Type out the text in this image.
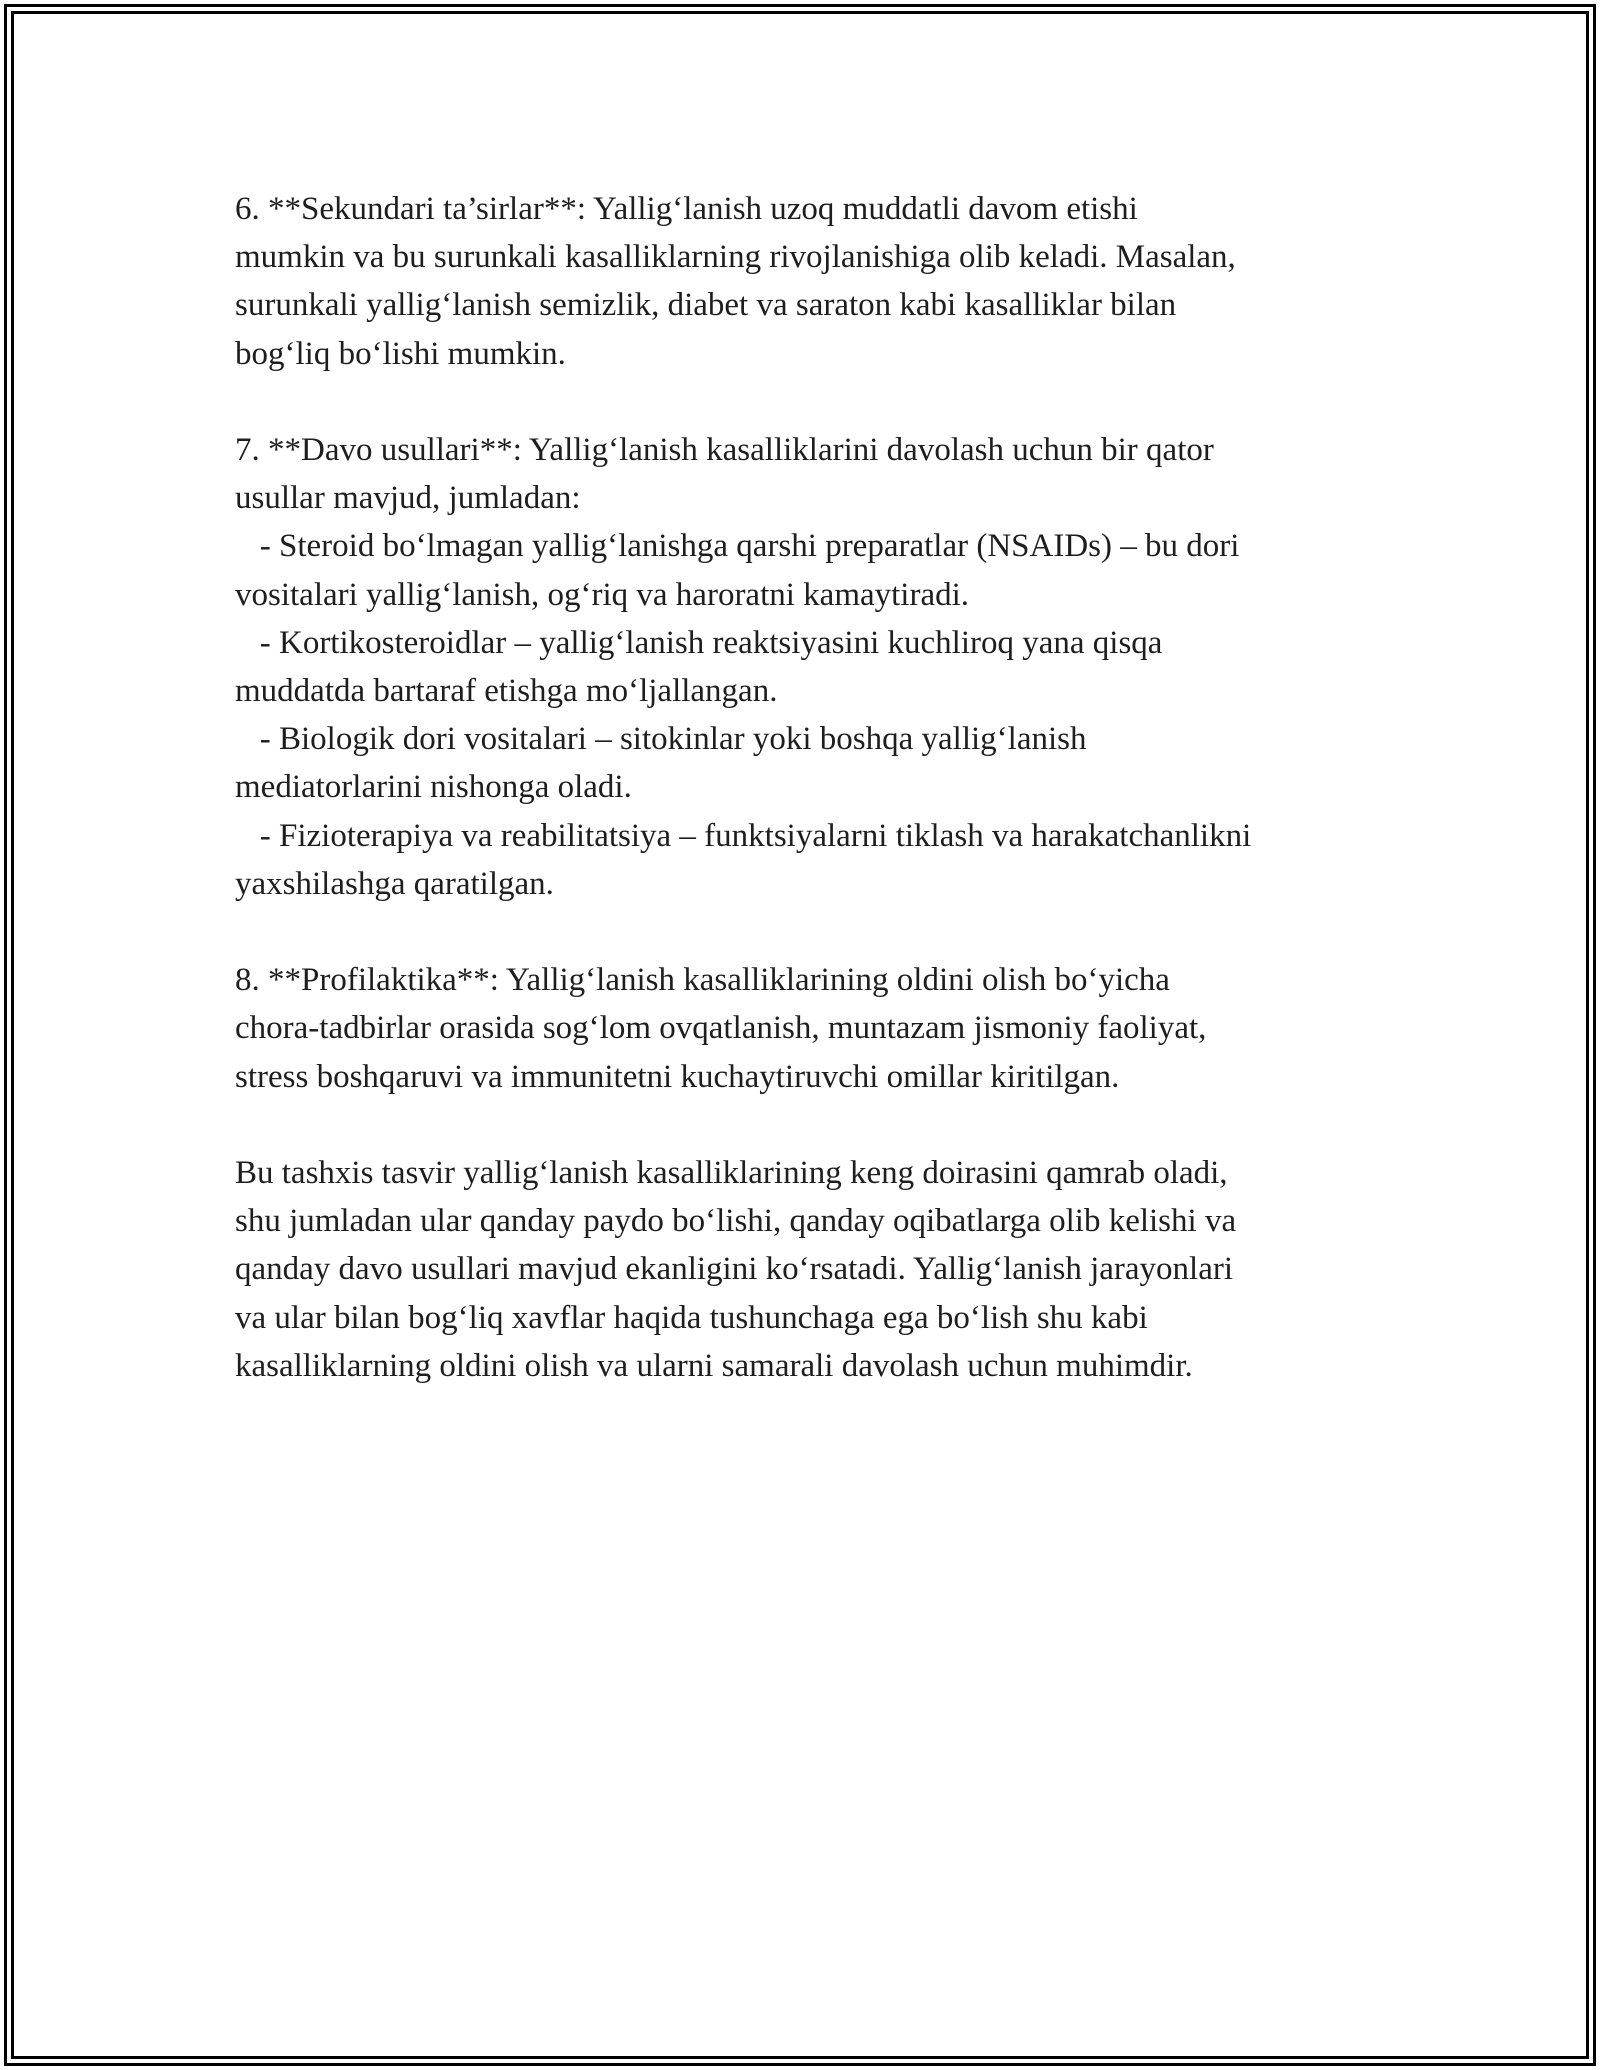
6. **Sekundari ta’sirlar**: Yallig‘lanish uzoq muddatli davom etishi
mumkin va bu surunkali kasalliklarning rivojlanishiga olib keladi. Masalan,
surunkali yallig‘lanish semizlik, diabet va saraton kabi kasalliklar bilan
bog‘liq bo‘lishi mumkin.

7. **Davo usullari**: Yallig‘lanish kasalliklarini davolash uchun bir qator
usullar mavjud, jumladan:
- Steroid bo‘lmagan yallig‘lanishga qarshi preparatlar (NSAIDs) – bu dori
vositalari yallig‘lanish, og‘riq va haroratni kamaytiradi.
- Kortikosteroidlar – yallig‘lanish reaktsiyasini kuchliroq yana qisqa
muddatda bartaraf etishga mo‘ljallangan.
- Biologik dori vositalari – sitokinlar yoki boshqa yallig‘lanish
mediatorlarini nishonga oladi.
- Fizioterapiya va reabilitatsiya – funktsiyalarni tiklash va harakatchanlikni
yaxshilashga qaratilgan.

8. **Profilaktika**: Yallig‘lanish kasalliklarining oldini olish bo‘yicha
chora-tadbirlar orasida sog‘lom ovqatlanish, muntazam jismoniy faoliyat,
stress boshqaruvi va immunitetni kuchaytiruvchi omillar kiritilgan.

Bu tashxis tasvir yallig‘lanish kasalliklarining keng doirasini qamrab oladi,
shu jumladan ular qanday paydo bo‘lishi, qanday oqibatlarga olib kelishi va
qanday davo usullari mavjud ekanligini ko‘rsatadi. Yallig‘lanish jarayonlari
va ular bilan bog‘liq xavflar haqida tushunchaga ega bo‘lish shu kabi
kasalliklarning oldini olish va ularni samarali davolash uchun muhimdir.
